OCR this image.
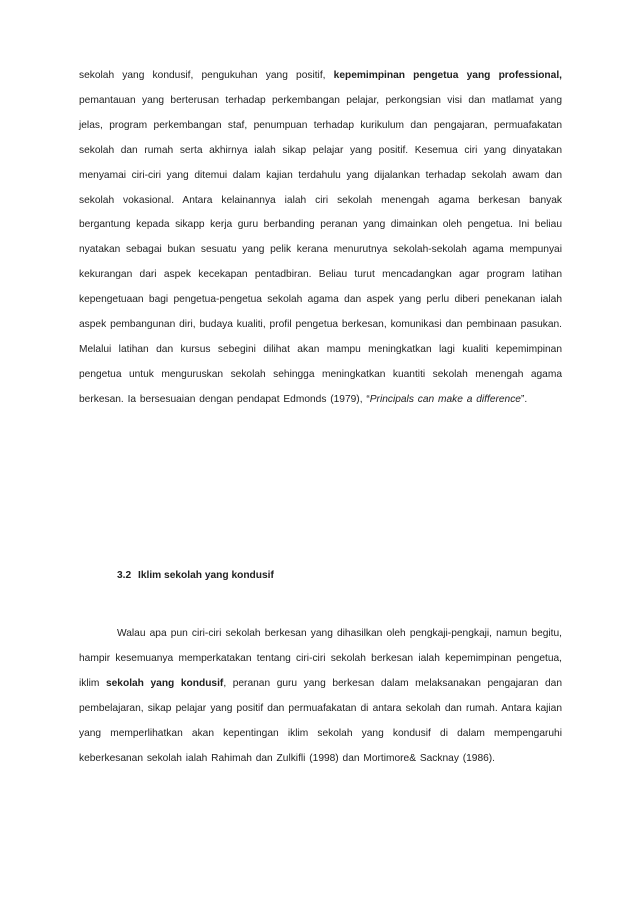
sekolah yang kondusif, pengukuhan yang positif, kepemimpinan pengetua yang professional, pemantauan yang berterusan terhadap perkembangan pelajar, perkongsian visi dan matlamat yang jelas, program perkembangan staf, penumpuan terhadap kurikulum dan pengajaran, permuafakatan sekolah dan rumah serta akhirnya ialah sikap pelajar yang positif. Kesemua ciri yang dinyatakan menyamai ciri-ciri yang ditemui dalam kajian terdahulu yang dijalankan terhadap sekolah awam dan sekolah vokasional. Antara kelainannya ialah ciri sekolah menengah agama berkesan banyak bergantung kepada sikapp kerja guru berbanding peranan yang dimainkan oleh pengetua. Ini beliau nyatakan sebagai bukan sesuatu yang pelik kerana menurutnya sekolah-sekolah agama mempunyai kekurangan dari aspek kecekapan pentadbiran. Beliau turut mencadangkan agar program latihan kepengetuaan bagi pengetua-pengetua sekolah agama dan aspek yang perlu diberi penekanan ialah aspek pembangunan diri, budaya kualiti, profil pengetua berkesan, komunikasi dan pembinaan pasukan. Melalui latihan dan kursus sebegini dilihat akan mampu meningkatkan lagi kualiti kepemimpinan pengetua untuk menguruskan sekolah sehingga meningkatkan kuantiti sekolah menengah agama berkesan. Ia bersesuaian dengan pendapat Edmonds (1979), “Principals can make a difference”.

3.2 Iklim sekolah yang kondusif

Walau apa pun ciri-ciri sekolah berkesan yang dihasilkan oleh pengkaji-pengkaji, namun begitu, hampir kesemuanya memperkatakan tentang ciri-ciri sekolah berkesan ialah kepemimpinan pengetua, iklim sekolah yang kondusif, peranan guru yang berkesan dalam melaksanakan pengajaran dan pembelajaran, sikap pelajar yang positif dan permuafakatan di antara sekolah dan rumah. Antara kajian yang memperlihatkan akan kepentingan iklim sekolah yang kondusif di dalam mempengaruhi keberkesanan sekolah ialah Rahimah dan Zulkifli (1998) dan Mortimore& Sacknay (1986).
